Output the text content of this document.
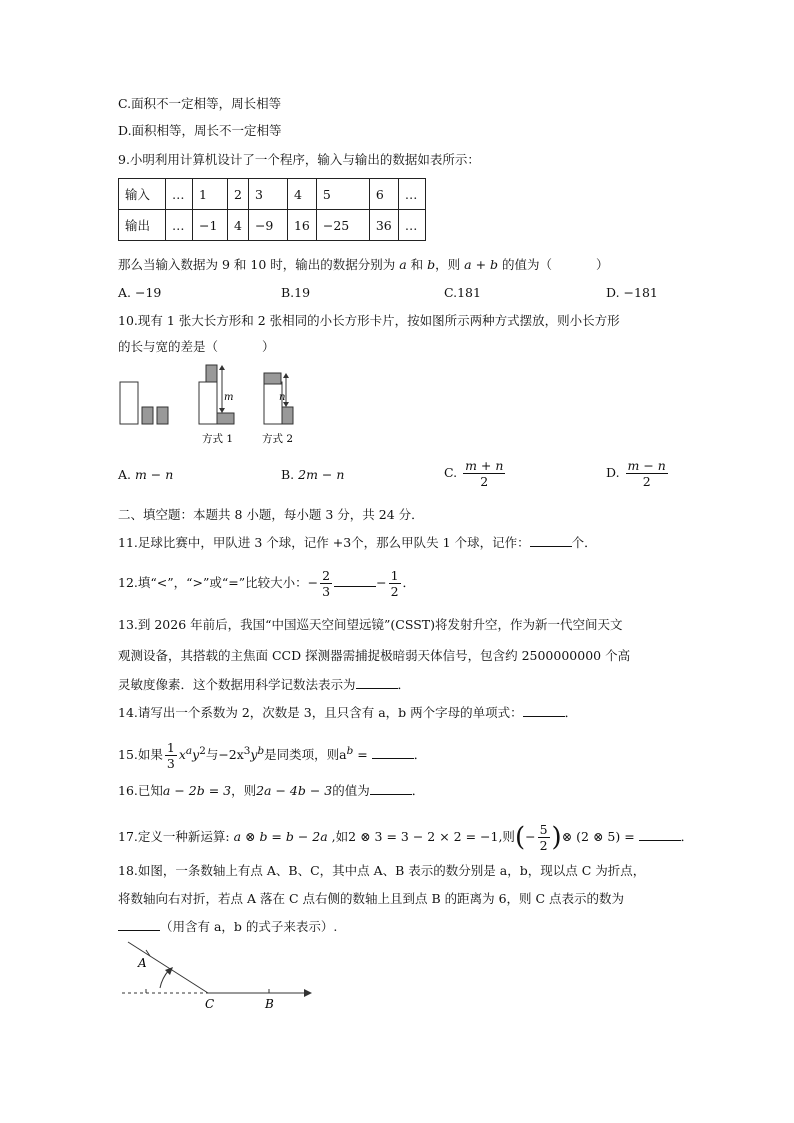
C.面积不一定相等，周长相等
D.面积相等，周长不一定相等
9.小明利用计算机设计了一个程序，输入与输出的数据如表所示：
输入	…	1	2	3	4	5	6	…
输出	…	−1	4	−9	16	−25	36	…
那么当输入数据为 9 和 10 时，输出的数据分别为 a 和 b，则 a + b 的值为（	）
A. −19	B.19	C.181	D. −181
10.现有 1 张大长方形和 2 张相同的小长方形卡片，按如图所示两种方式摆放，则小长方形
的长与宽的差是（	）
m	n
方式 1	方式 2
A. m − n	B. 2m − n	C. $\frac{m + n}{2}$	D. $\frac{m - n}{2}$
二、填空题：本题共 8 小题，每小题 3 分，共 24 分．
11.足球比赛中，甲队进 3 个球，记作 +3个，那么甲队失 1 个球，记作：	个．
12.填“<”，“>”或“=”比较大小：− $\frac{2}{3}$	− $\frac{1}{2}$ ．
13.到 2026 年前后，我国“中国巡天空间望远镜”(CSST)将发射升空，作为新一代空间天文
观测设备，其搭载的主焦面 CCD 探测器需捕捉极暗弱天体信号，包含约 2500000000 个高
灵敏度像素．这个数据用科学记数法表示为	．
14.请写出一个系数为 2，次数是 3，且只含有 a，b 两个字母的单项式：	．
15.如果 $\frac{1}{3} x^ay^2$与$-2x^3y^b$是同类项，则$a^b$ =	．
16.已知a − 2b = 3，则2a − 4b − 3的值为	．
17.定义一种新运算: a ⊗ b = b − 2a ,如2 ⊗ 3 = 3 − 2 × 2 = −1,则(− $\frac{5}{2}$ )⊗ (2 ⊗ 5) =	．
18.如图，一条数轴上有点 A、B、C，其中点 A、B 表示的数分别是 a，b，现以点 C 为折点，
将数轴向右对折，若点 A 落在 C 点右侧的数轴上且到点 B 的距离为 6，则 C 点表示的数为
（用含有 a，b 的式子来表示）.
A
C	B
